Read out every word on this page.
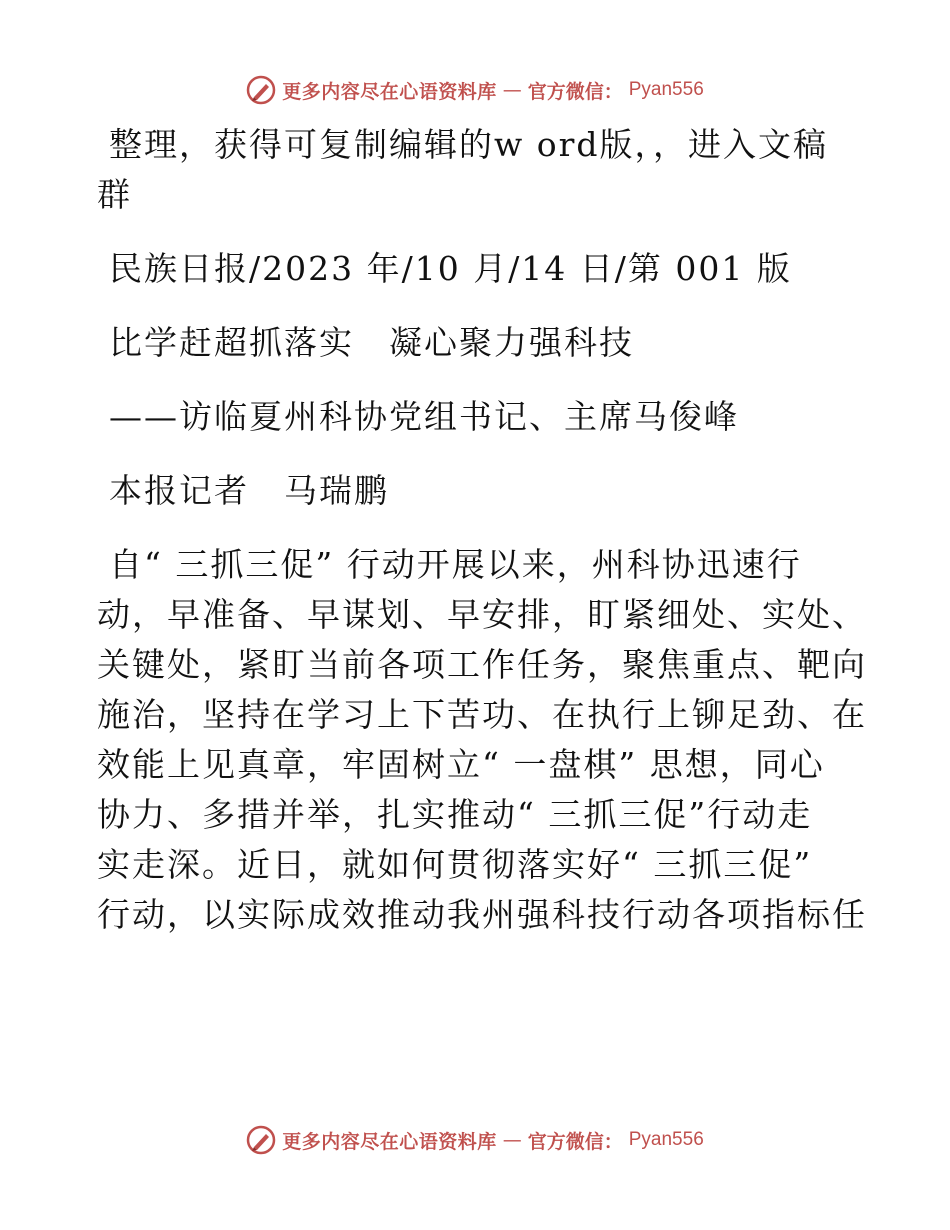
更多内容尽在心语资料库 — 官方微信： Pyan556

整理，获得可复制编辑的w ord版，，进入文稿

群

民族日报/2023 年/10 月/14 日/第 001 版

比学赶超抓落实　凝心聚力强科技

——访临夏州科协党组书记、主席马俊峰

本报记者　马瑞鹏

自“ 三抓三促” 行动开展以来，州科协迅速行

动，早准备、早谋划、早安排，盯紧细处、实处、

关键处，紧盯当前各项工作任务，聚焦重点、靶向

施治，坚持在学习上下苦功、在执行上铆足劲、在

效能上见真章，牢固树立“ 一盘棋” 思想，同心

协力、多措并举，扎实推动“ 三抓三促”行动走

实走深。近日，就如何贯彻落实好“ 三抓三促”

行动，以实际成效推动我州强科技行动各项指标任

更多内容尽在心语资料库 — 官方微信： Pyan556
